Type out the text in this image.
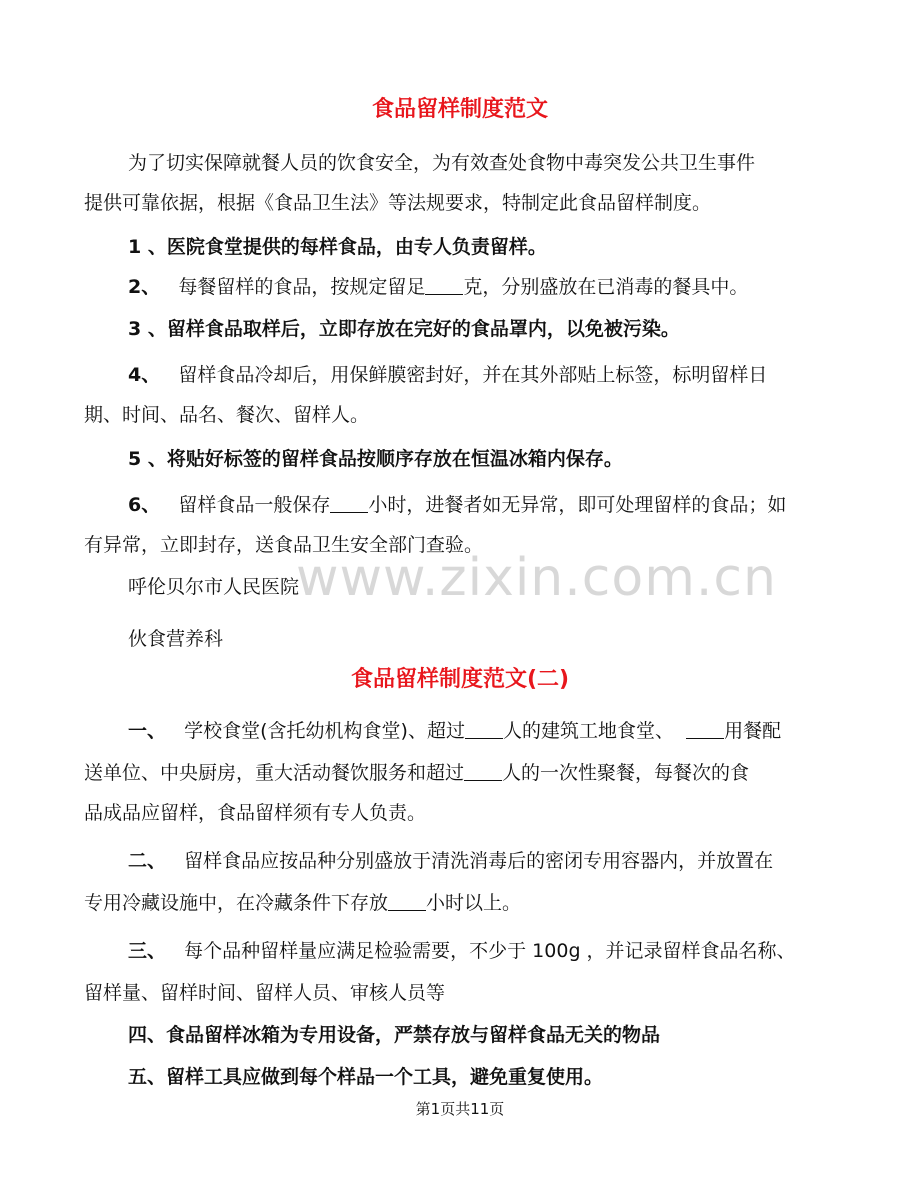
食品留样制度范文
为了切实保障就餐人员的饮食安全，为有效查处食物中毒突发公共卫生事件
提供可靠依据，根据《食品卫生法》等法规要求，特制定此食品留样制度。
1 、医院食堂提供的每样食品，由专人负责留样。
2、 每餐留样的食品，按规定留足 克，分别盛放在已消毒的餐具中。
3 、留样食品取样后，立即存放在完好的食品罩内，以免被污染。
4、 留样食品冷却后，用保鲜膜密封好，并在其外部贴上标签，标明留样日
期、时间、品名、餐次、留样人。
5 、将贴好标签的留样食品按顺序存放在恒温冰箱内保存。
6、 留样食品一般保存 小时，进餐者如无异常，即可处理留样的食品；如
有异常，立即封存，送食品卫生安全部门查验。
呼伦贝尔市人民医院
伙食营养科
食品留样制度范文(二)
一、 学校食堂(含托幼机构食堂)、超过 人的建筑工地食堂、	用餐配
送单位、中央厨房，重大活动餐饮服务和超过 人的一次性聚餐，每餐次的食
品成品应留样，食品留样须有专人负责。
二、 留样食品应按品种分别盛放于清洗消毒后的密闭专用容器内，并放置在
专用冷藏设施中，在冷藏条件下存放 小时以上。
三、 每个品种留样量应满足检验需要，不少于 100g ，并记录留样食品名称、
留样量、留样时间、留样人员、审核人员等
四、食品留样冰箱为专用设备，严禁存放与留样食品无关的物品
五、留样工具应做到每个样品一个工具，避免重复使用。
www.zixin.com.cn
第1页共11页
